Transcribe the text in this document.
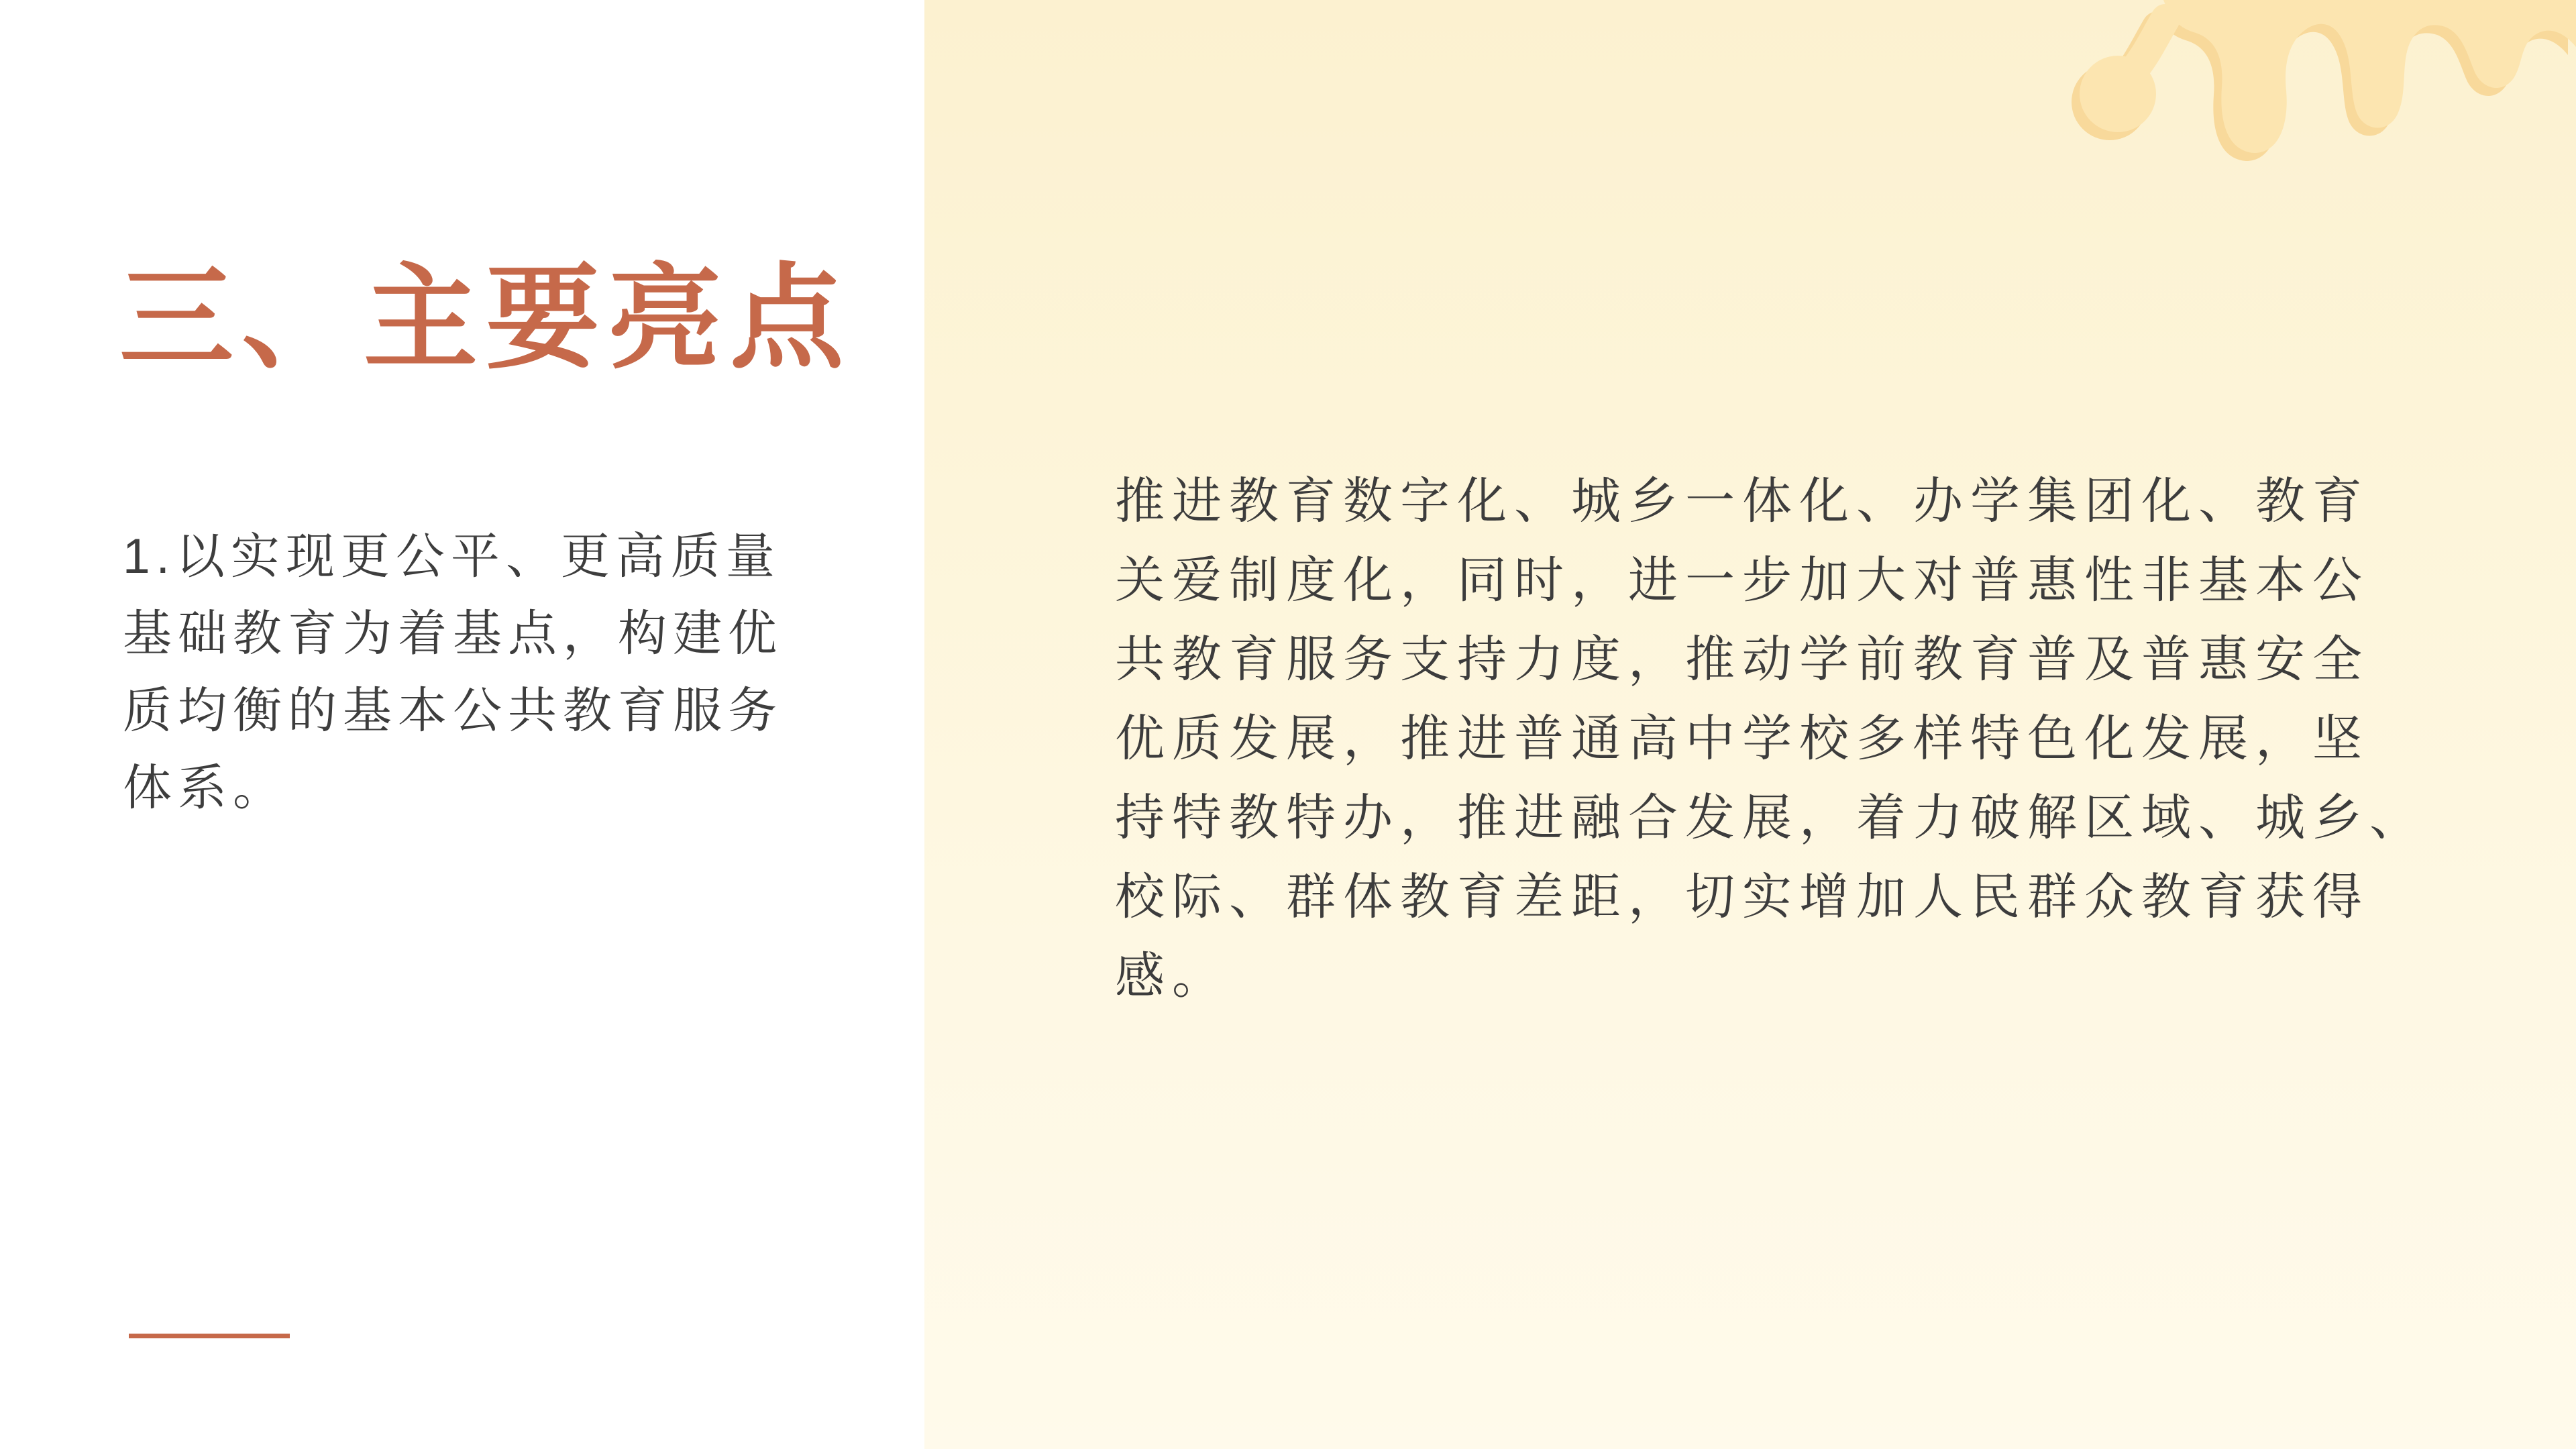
三、主要亮点
1.以实现更公平、更高质量
基础教育为着基点，构建优
质均衡的基本公共教育服务
体系。
推进教育数字化、城乡一体化、办学集团化、教育
关爱制度化，同时，进一步加大对普惠性非基本公
共教育服务支持力度，推动学前教育普及普惠安全
优质发展，推进普通高中学校多样特色化发展，坚
持特教特办，推进融合发展，着力破解区域、城乡、
校际、群体教育差距，切实增加人民群众教育获得
感。
